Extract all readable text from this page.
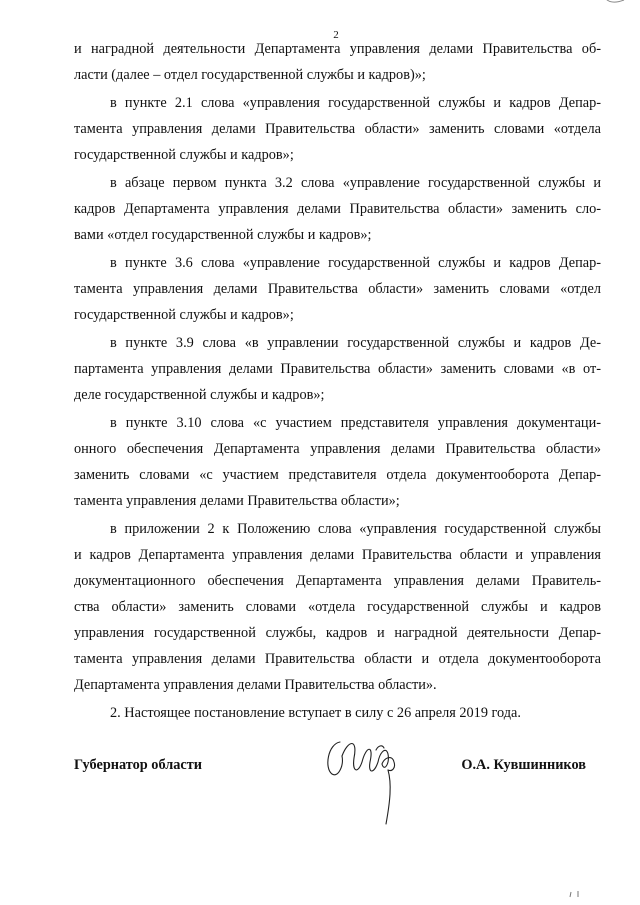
2
и наградной деятельности Департамента управления делами Правительства об-
ласти (далее – отдел государственной службы и кадров)»;
в пункте 2.1 слова «управления государственной службы и кадров Депар-
тамента управления делами Правительства области» заменить словами «отдела
государственной службы и кадров»;
в абзаце первом пункта 3.2 слова «управление государственной службы и
кадров Департамента управления делами Правительства области» заменить сло-
вами «отдел государственной службы и кадров»;
в пункте 3.6 слова «управление государственной службы и кадров Депар-
тамента управления делами Правительства области» заменить словами «отдел
государственной службы и кадров»;
в пункте 3.9 слова «в управлении государственной службы и кадров Де-
партамента управления делами Правительства области» заменить словами «в от-
деле государственной службы и кадров»;
в пункте 3.10 слова «с участием представителя управления документаци-
онного обеспечения Департамента управления делами Правительства области»
заменить словами «с участием представителя отдела документооборота Депар-
тамента управления делами Правительства области»;
в приложении 2 к Положению слова «управления государственной службы
и кадров Департамента управления делами Правительства области и управления
документационного обеспечения Департамента управления делами Правитель-
ства области» заменить словами «отдела государственной службы и кадров
управления государственной службы, кадров и наградной деятельности Депар-
тамента управления делами Правительства области и отдела документооборота
Департамента управления делами Правительства области».
2. Настоящее постановление вступает в силу с 26 апреля 2019 года.
Губернатор области	О.А. Кувшинников
